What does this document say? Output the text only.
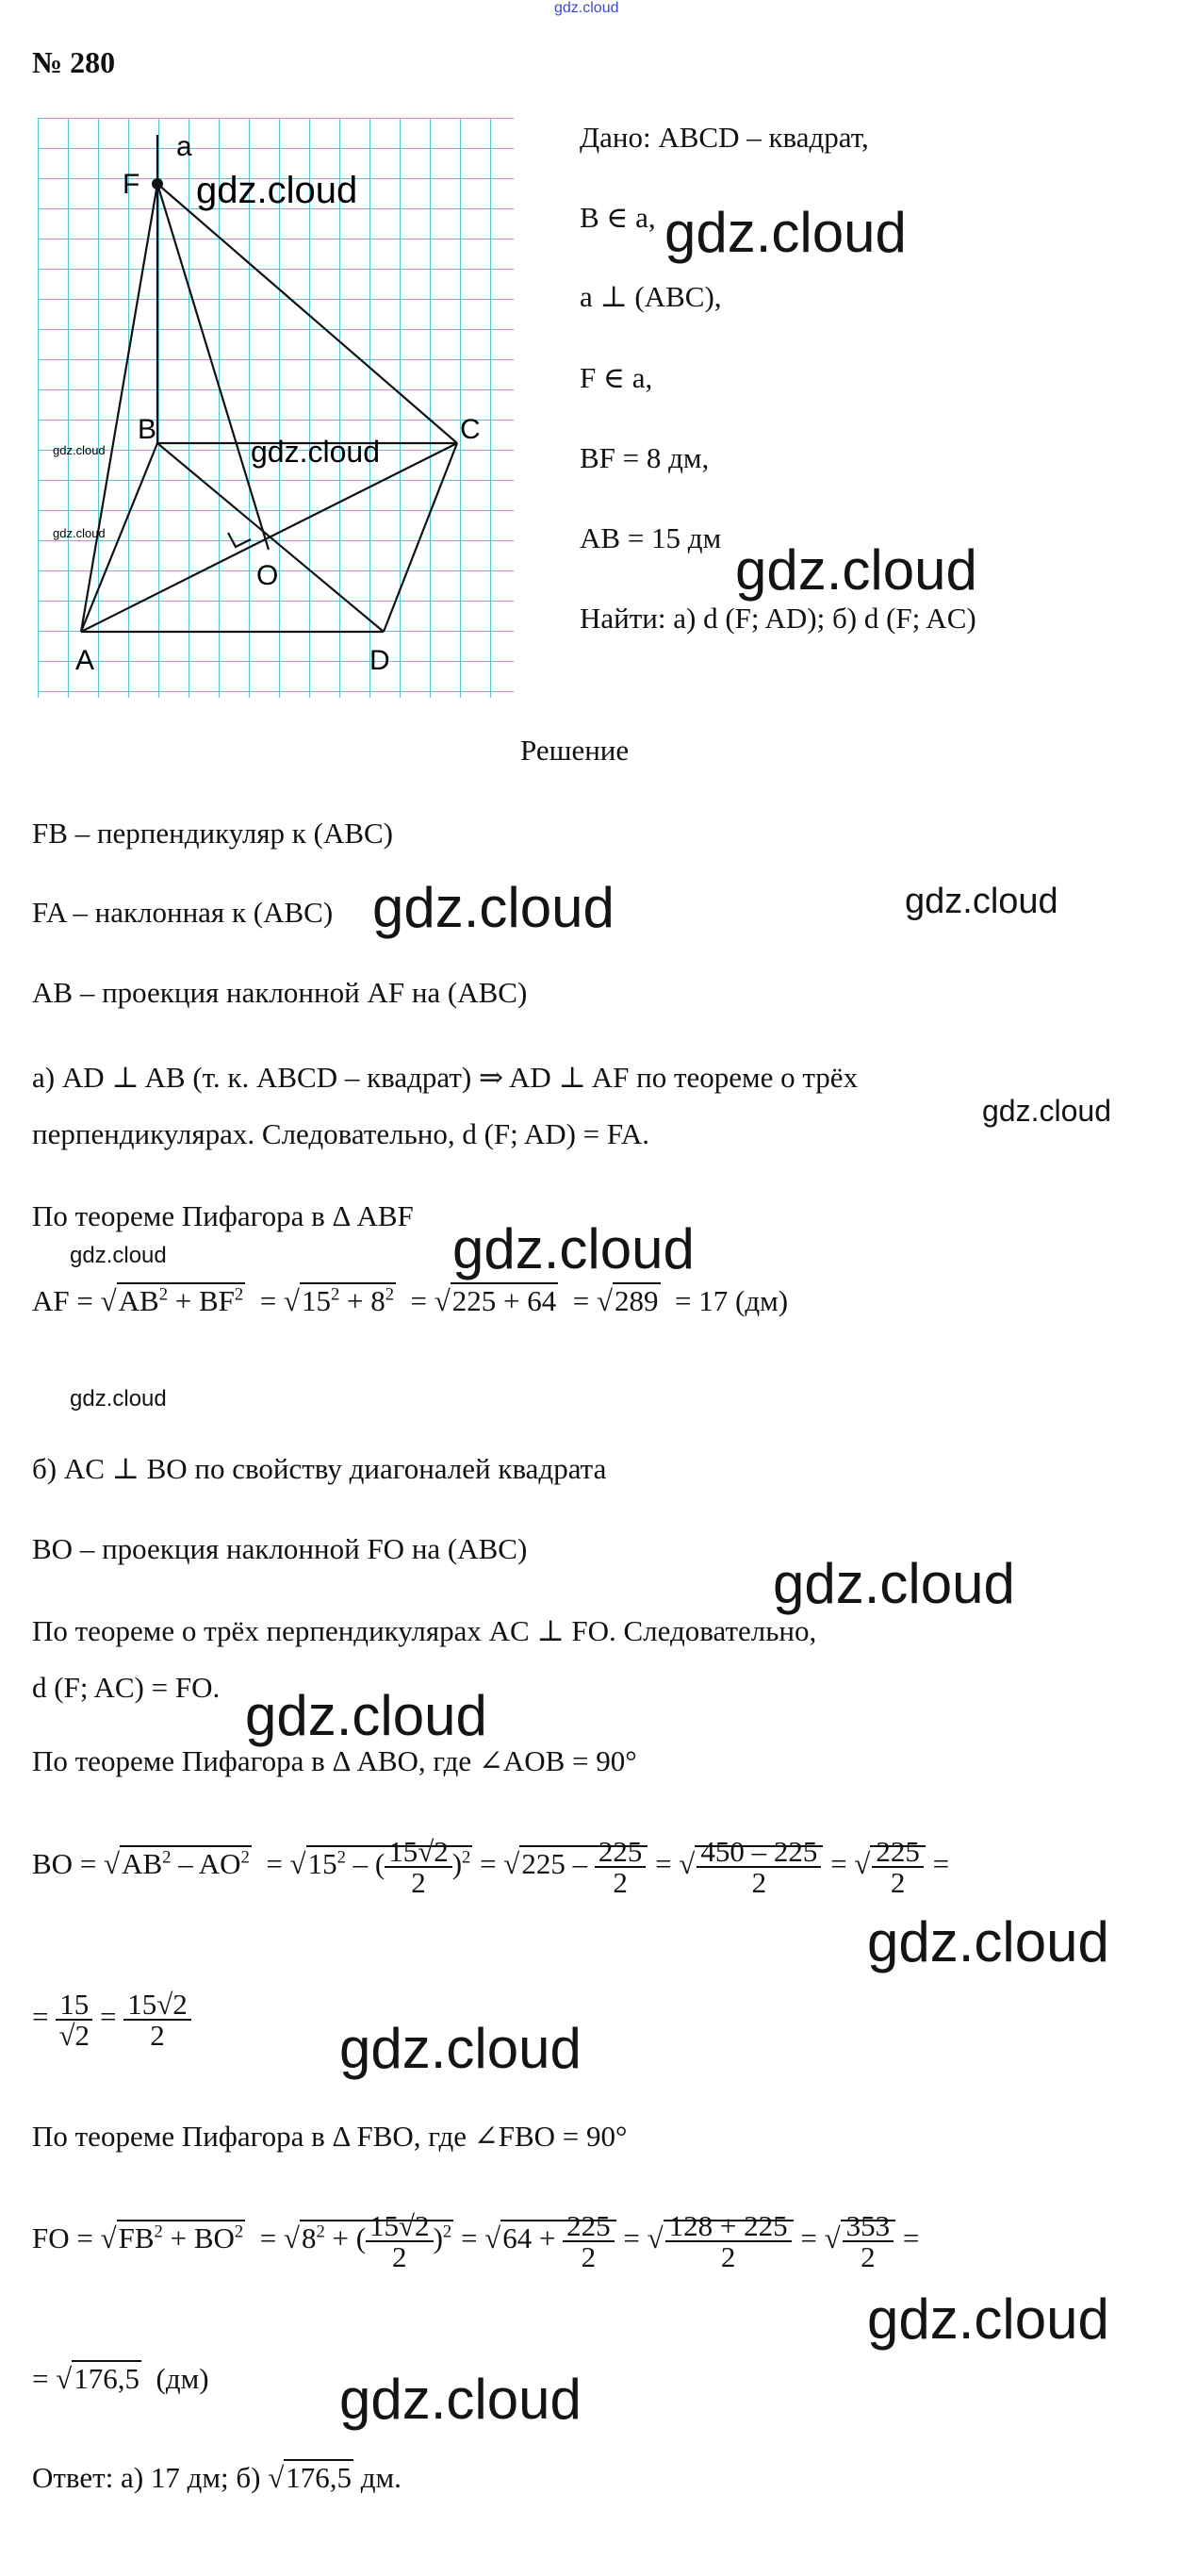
gdz.cloud
№ 280
F
a
B	C
A	D
O
gdz.cloud
gdz.cloud
gdz.cloud
gdz.cloud
Дано: ABCD – квадрат,
B ∈ a, gdz.cloud
a ⊥ (ABC),
F ∈ a,
BF = 8 дм,
AB = 15 дм
gdz.cloud
Найти: а) d (F; AD); б) d (F; AC)
Решение
FB – перпендикуляр к (ABC)
FA – наклонная к (ABC) gdz.cloud	gdz.cloud
AB – проекция наклонной AF на (ABC)
а) AD ⊥ AB (т. к. ABCD – квадрат) ⇒ AD ⊥ AF по теореме о трёх
перпендикулярах. Следовательно, d (F; AD) = FA.
gdz.cloud
По теореме Пифагора в Δ ABF
gdz.cloud	gdz.cloud
AF = $√AB^2 + BF^2 = √15^2 + 8^2 = √225 + 64 = √289 = 17$ (дм)
gdz.cloud
б) AC ⊥ BO по свойству диагоналей квадрата
BO – проекция наклонной FO на (ABC)
gdz.cloud
По теореме о трёх перпендикулярах AC ⊥ FO. Следовательно,
d (F; AC) = FO. gdz.cloud
По теореме Пифагора в Δ ABO, где ∠AOB = 90°
BO = $√AB^2 - AO^2 = √15^2$ – ( $\frac{15√2}{2} )^2 = √225 - \frac{225}{2}$ = √ $\frac{450 - 225}{2}$ = √ $\frac{225}{2}$ =
gdz.cloud
= $\frac{15}{√2} = \frac{15√2}{2}$	gdz.cloud
По теореме Пифагора в Δ FBO, где ∠FBO = 90°
FO = $√FB^2 + BO^2 = √8^2$ + ( $\frac{15√2}{2} )^2 = √64 + \frac{225}{2}$ = √ $\frac{128 + 225}{2}$ = √ $\frac{353}{2}$ =
gdz.cloud
= √176,5  (дм) gdz.cloud
Ответ: а) 17 дм; б) √176,5 дм.
